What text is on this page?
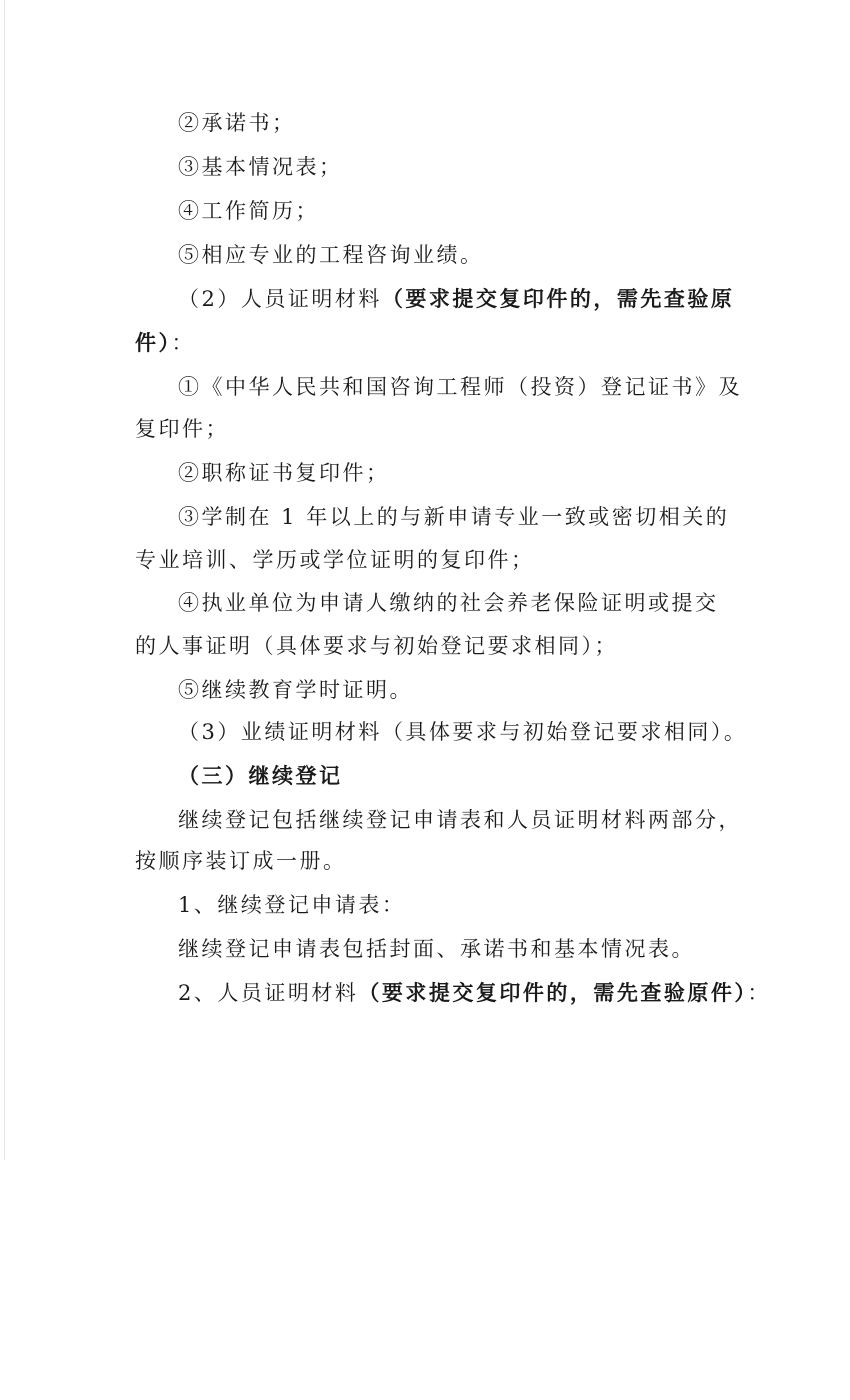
②承诺书；
③基本情况表；
④工作简历；
⑤相应专业的工程咨询业绩。
（2）人员证明材料（要求提交复印件的，需先查验原
件）：
①《中华人民共和国咨询工程师（投资）登记证书》及
复印件；
②职称证书复印件；
③学制在 1 年以上的与新申请专业一致或密切相关的
专业培训、学历或学位证明的复印件；
④执业单位为申请人缴纳的社会养老保险证明或提交
的人事证明（具体要求与初始登记要求相同）；
⑤继续教育学时证明。
（3）业绩证明材料（具体要求与初始登记要求相同）。
（三）继续登记
继续登记包括继续登记申请表和人员证明材料两部分，
按顺序装订成一册。
1、继续登记申请表：
继续登记申请表包括封面、承诺书和基本情况表。
2、人员证明材料（要求提交复印件的，需先查验原件）：
